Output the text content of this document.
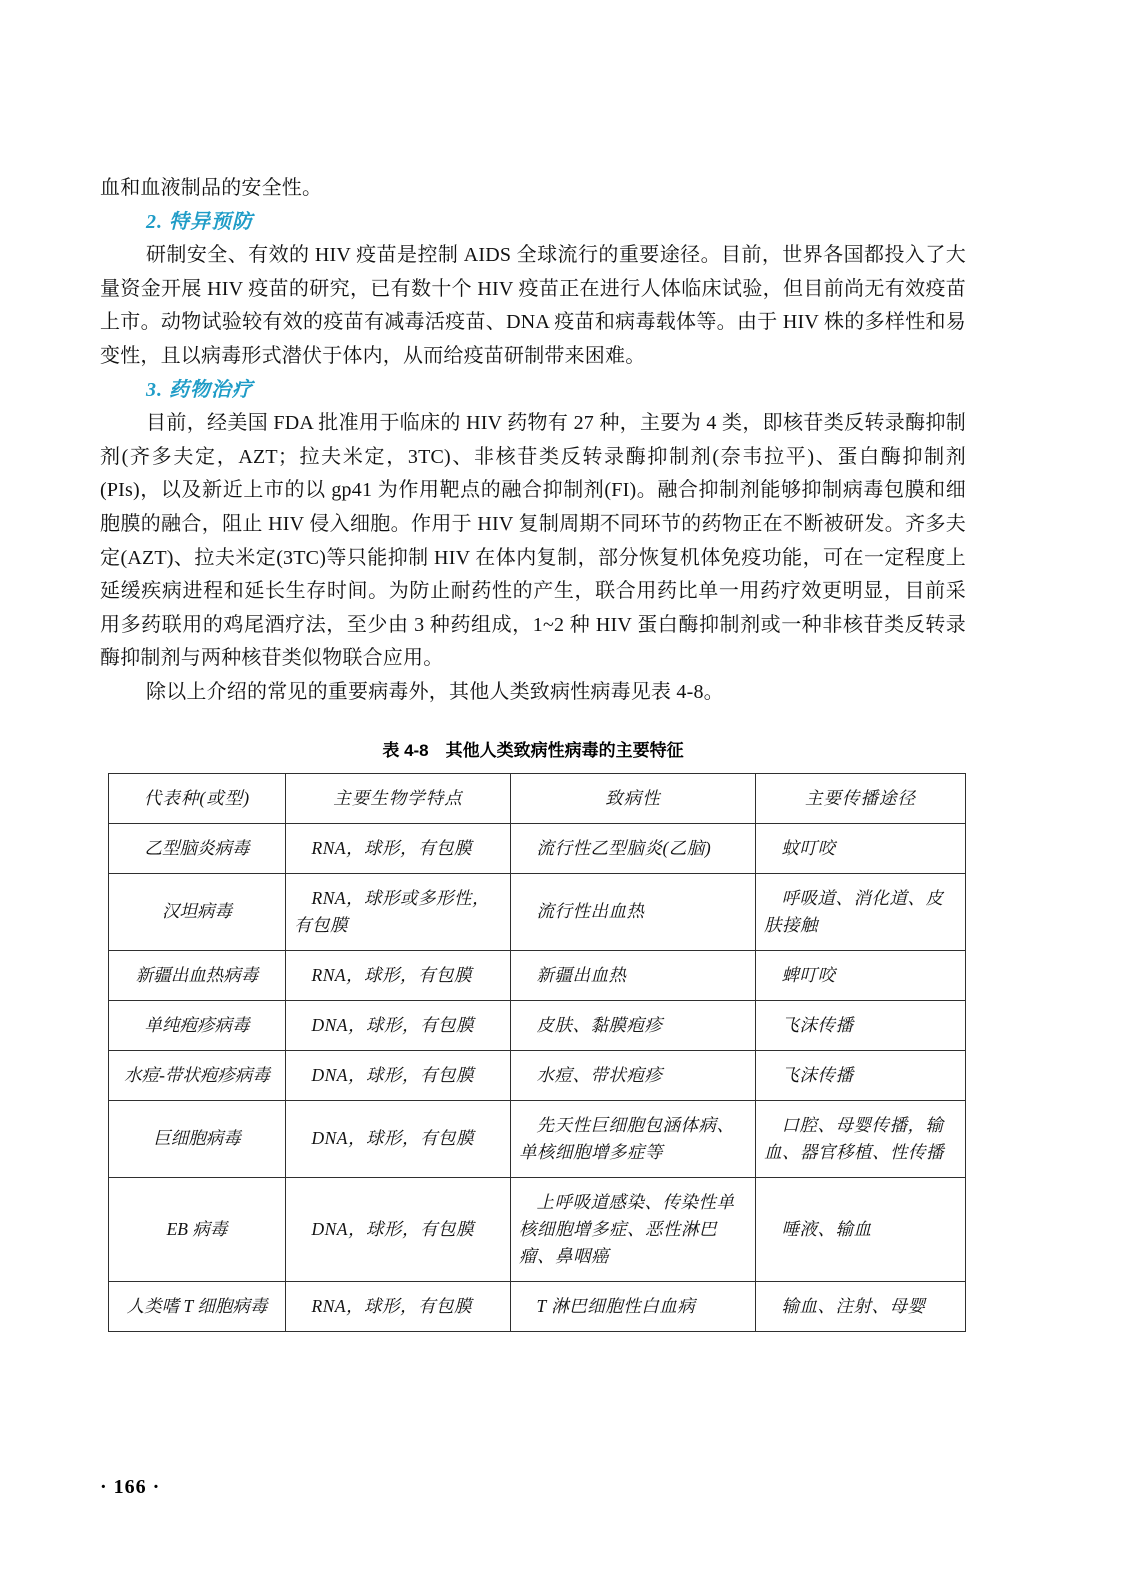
血和血液制品的安全性。

2. 特异预防

研制安全、有效的 HIV 疫苗是控制 AIDS 全球流行的重要途径。目前，世界各国都投入了大量资金开展 HIV 疫苗的研究，已有数十个 HIV 疫苗正在进行人体临床试验，但目前尚无有效疫苗上市。动物试验较有效的疫苗有减毒活疫苗、DNA 疫苗和病毒载体等。由于 HIV 株的多样性和易变性，且以病毒形式潜伏于体内，从而给疫苗研制带来困难。

3. 药物治疗

目前，经美国 FDA 批准用于临床的 HIV 药物有 27 种，主要为 4 类，即核苷类反转录酶抑制剂(齐多夫定，AZT；拉夫米定，3TC)、非核苷类反转录酶抑制剂(奈韦拉平)、蛋白酶抑制剂(PIs)，以及新近上市的以 gp41 为作用靶点的融合抑制剂(FI)。融合抑制剂能够抑制病毒包膜和细胞膜的融合，阻止 HIV 侵入细胞。作用于 HIV 复制周期不同环节的药物正在不断被研发。齐多夫定(AZT)、拉夫米定(3TC)等只能抑制 HIV 在体内复制，部分恢复机体免疫功能，可在一定程度上延缓疾病进程和延长生存时间。为防止耐药性的产生，联合用药比单一用药疗效更明显，目前采用多药联用的鸡尾酒疗法，至少由 3 种药组成，1~2 种 HIV 蛋白酶抑制剂或一种非核苷类反转录酶抑制剂与两种核苷类似物联合应用。

除以上介绍的常见的重要病毒外，其他人类致病性病毒见表 4-8。

表 4-8　其他人类致病性病毒的主要特征
代表种(或型)	主要生物学特点	致病性	主要传播途径
乙型脑炎病毒	RNA，球形，有包膜	流行性乙型脑炎(乙脑)	蚊叮咬
汉坦病毒	RNA，球形或多形性，有包膜	流行性出血热	呼吸道、消化道、皮肤接触
新疆出血热病毒	RNA，球形，有包膜	新疆出血热	蜱叮咬
单纯疱疹病毒	DNA，球形，有包膜	皮肤、黏膜疱疹	飞沫传播
水痘-带状疱疹病毒	DNA，球形，有包膜	水痘、带状疱疹	飞沫传播
巨细胞病毒	DNA，球形，有包膜	先天性巨细胞包涵体病、单核细胞增多症等	口腔、母婴传播，输血、器官移植、性传播
EB 病毒	DNA，球形，有包膜	上呼吸道感染、传染性单核细胞增多症、恶性淋巴瘤、鼻咽癌	唾液、输血
人类嗜 T 细胞病毒	RNA，球形，有包膜	T 淋巴细胞性白血病	输血、注射、母婴
· 166 ·
